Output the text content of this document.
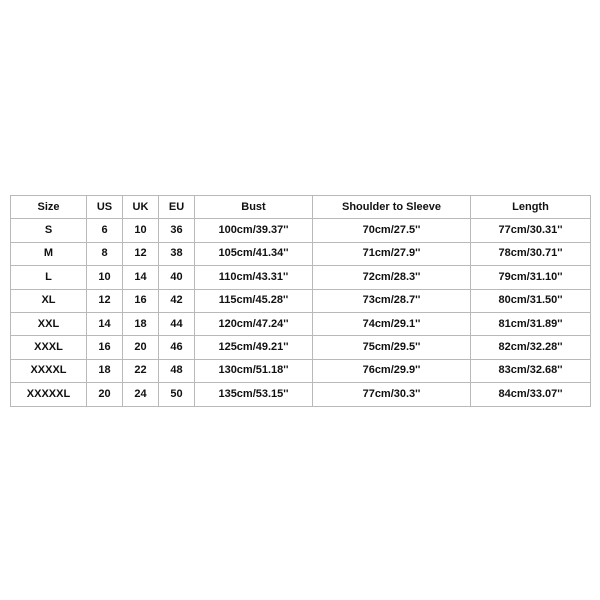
Size	US	UK	EU	Bust	Shoulder to Sleeve	Length
S	6	10	36	100cm/39.37''	70cm/27.5''	77cm/30.31''
M	8	12	38	105cm/41.34''	71cm/27.9''	78cm/30.71''
L	10	14	40	110cm/43.31''	72cm/28.3''	79cm/31.10''
XL	12	16	42	115cm/45.28''	73cm/28.7''	80cm/31.50''
XXL	14	18	44	120cm/47.24''	74cm/29.1''	81cm/31.89''
XXXL	16	20	46	125cm/49.21''	75cm/29.5''	82cm/32.28''
XXXXL	18	22	48	130cm/51.18''	76cm/29.9''	83cm/32.68''
XXXXXL	20	24	50	135cm/53.15''	77cm/30.3''	84cm/33.07''
